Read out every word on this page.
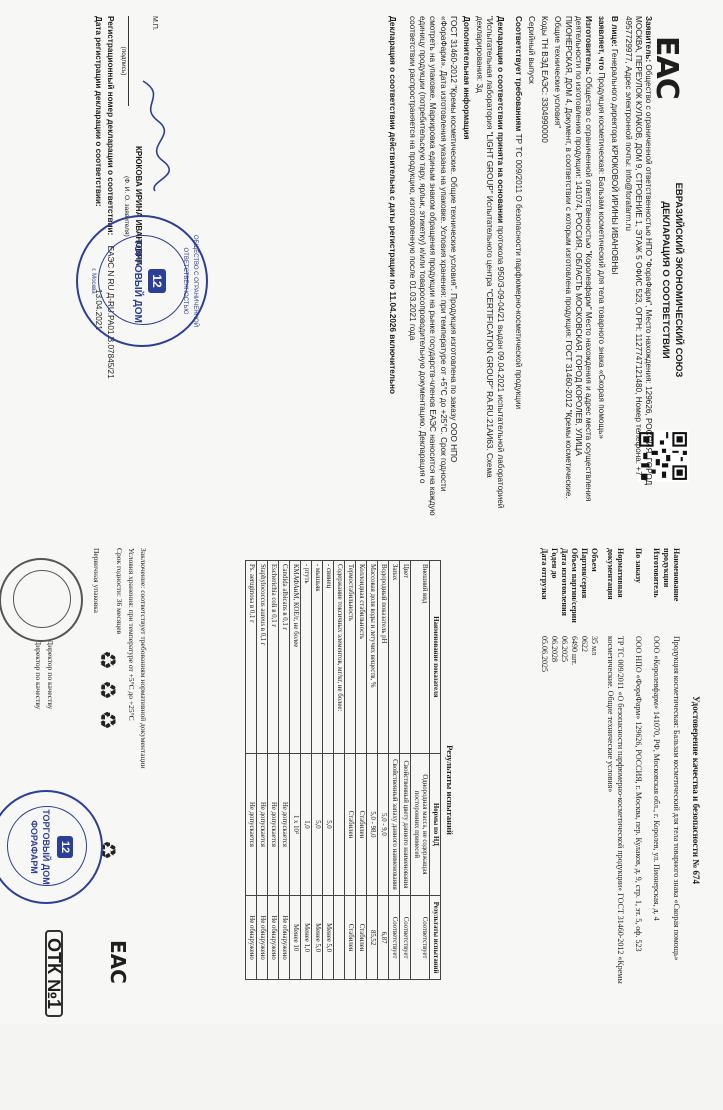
EAC
ЕВРАЗИЙСКИЙ ЭКОНОМИЧЕСКИЙ СОЮЗ
ДЕКЛАРАЦИЯ О СООТВЕТСТВИИ

Заявитель: Общество с ограниченной ответственностью НПО "ФораФарм", Место нахождения: 129626, РОССИЯ, ГОРОД МОСКВА, ПЕРЕУЛОК КУЛАКОВ, ДОМ 9, СТРОЕНИЕ 1, ЭТАЖ 5 ОФИС 523, ОГРН: 1127747121480, Номер телефона: +7 4957729977, Адрес электронной почты: info@forafarm.ru

В лице: Генерального директора КРЮКОВОЙ ИРИНЫ ИВАНОВНЫ

заявляет, что Продукция косметическая: Бальзам косметический для тела товарного знака «Скорая помощь»

Изготовитель: Общество с ограниченной ответственностью "Королевфарм" Место нахождения и адрес места осуществления деятельности по изготовлению продукции: 141074, РОССИЯ, ОБЛАСТЬ МОСКОВСКАЯ, ГОРОД КОРОЛЕВ, УЛИЦА ПИОНЕРСКАЯ, ДОМ 4, Документ, в соответствии с которым изготовлена продукция: ГОСТ 31460-2012 "Кремы косметические. Общие технические условия"

Коды ТН ВЭД ЕАЭС: 3304990000

Серийный выпуск

Соответствует требованиям ТР ТС 009/2011 О безопасности парфюмерно-косметической продукции

Декларация о соответствии принята на основании протокола 950/З-09-04/21 выдан 09.04.2021 испытательной лабораторией "Испытательная лаборатория "LIGHT GROUP" Испытательного центра "CERTIFICATION GROUP" RA.RU.21АИ63. Схема декларирования: 3д

Дополнительная информация

ГОСТ 31460-2012 "Кремы косметические. Общие технические условия". Продукция изготовлена по заказу ООО НПО «ФораФарм». Дата изготовления указана на упаковке. Условия хранения: при температуре от +5°С до +25°С. Срок годности смотреть на упаковке. Маркировка единым знаком обращения продукции на рынке государств-членов ЕАЭС наносится на каждую единицу продукции (потребительскую тару, ярлык, этикетку) и/или товаросопроводительную документацию. Декларация о соответствии распространяется на продукцию, изготовленную после 01.03.2021 года

Декларация о соответствии действительна с даты регистрации по 11.04.2026 включительно

М.П.
КРЮКОВА ИРИНА ИВАНОВНА
(Ф. И. О. заявителя)
(подпись)
Регистрационный номер декларации о соответствии: ЕАЭС N RU Д-RU.PA01.В.07845/21
Дата регистрации декларации о соответствии: 13.04.2021	ОБЩЕСТВО С ОГРАНИЧЕННОЙ ОТВЕТСТВЕННОСТЬЮ
12
ТОРГОВЫЙ ДОМ
г. Москва
Удостоверение качества и безопасности № 674
Наименование продукции
Продукция косметическая: Бальзам косметический для тела товарного знака «Скорая помощь»
Изготовитель
ООО «Королевфарм» 141070, РФ, Московская обл., г. Королев, ул. Пионерская, д. 4
По заказу
ООО НПО «ФораФарм» 129626, РОССИЯ, г. Москва, пер. Кулаков, д. 9, стр. 1, эт. 5, оф. 523
Нормативная документация
ТР ТС 009/2011 «О безопасности парфюмерно-косметической продукции» ГОСТ 31460-2012 «Кремы косметические. Общие технические условия»
Объем
35 мл
Партия/серия
0622
Объем партии/серии
6490 шт.
Дата изготовления
06.2025
Годен до
06.2028
Дата отгрузки
05.06.2025
Результаты испытаний
Наименование показателя	Нормы по НД	Результаты испытаний
Внешний вид	Однородная масса, не содержащая посторонних примесей	Соответствует
Цвет	Свойственный цвету данного наименования	Соответствует
Запах	Свойственный запаху данного наименования	Соответствует
Водородный показатель pH	5,0 - 9,0	6,87
Массовая доля воды и летучих веществ, %	5,0 - 98,0	85,52
Коллоидная стабильность	Стабилен	Стабилен
Термостабильность	Стабилен	Стабилен
Содержание токсичных элементов, мг/кг, не более:		
- свинец	5,0	Менее 5,0
- мышьяк	5,0	Менее 5,0
- ртуть	1,0	Менее 1,0
КМАФАнМ, КОЕ/г, не более	1 x 10³	Менее 10
Candida albicans в 0,1 г	Не допускается	Не обнаружено
Escherichia coli в 0,1 г	Не допускается	Не обнаружено
Staphylococcus aureus в 0,1 г	Не допускается	Не обнаружено
Ps. aeruginosa в 0,1 г	Не допускается	Не обнаружено
Заключение: соответствует требованиям нормативной документации
Условия хранения: при температуре от +5°С до +25°С
Срок годности: 36 месяцев
Первичная упаковка
♻
♻
♻
♻
Директор по качеству
Директор по качеству
12
ТОРГОВЫЙ ДОМ
ФОРАФАРМ
ОТК №1 EAC
